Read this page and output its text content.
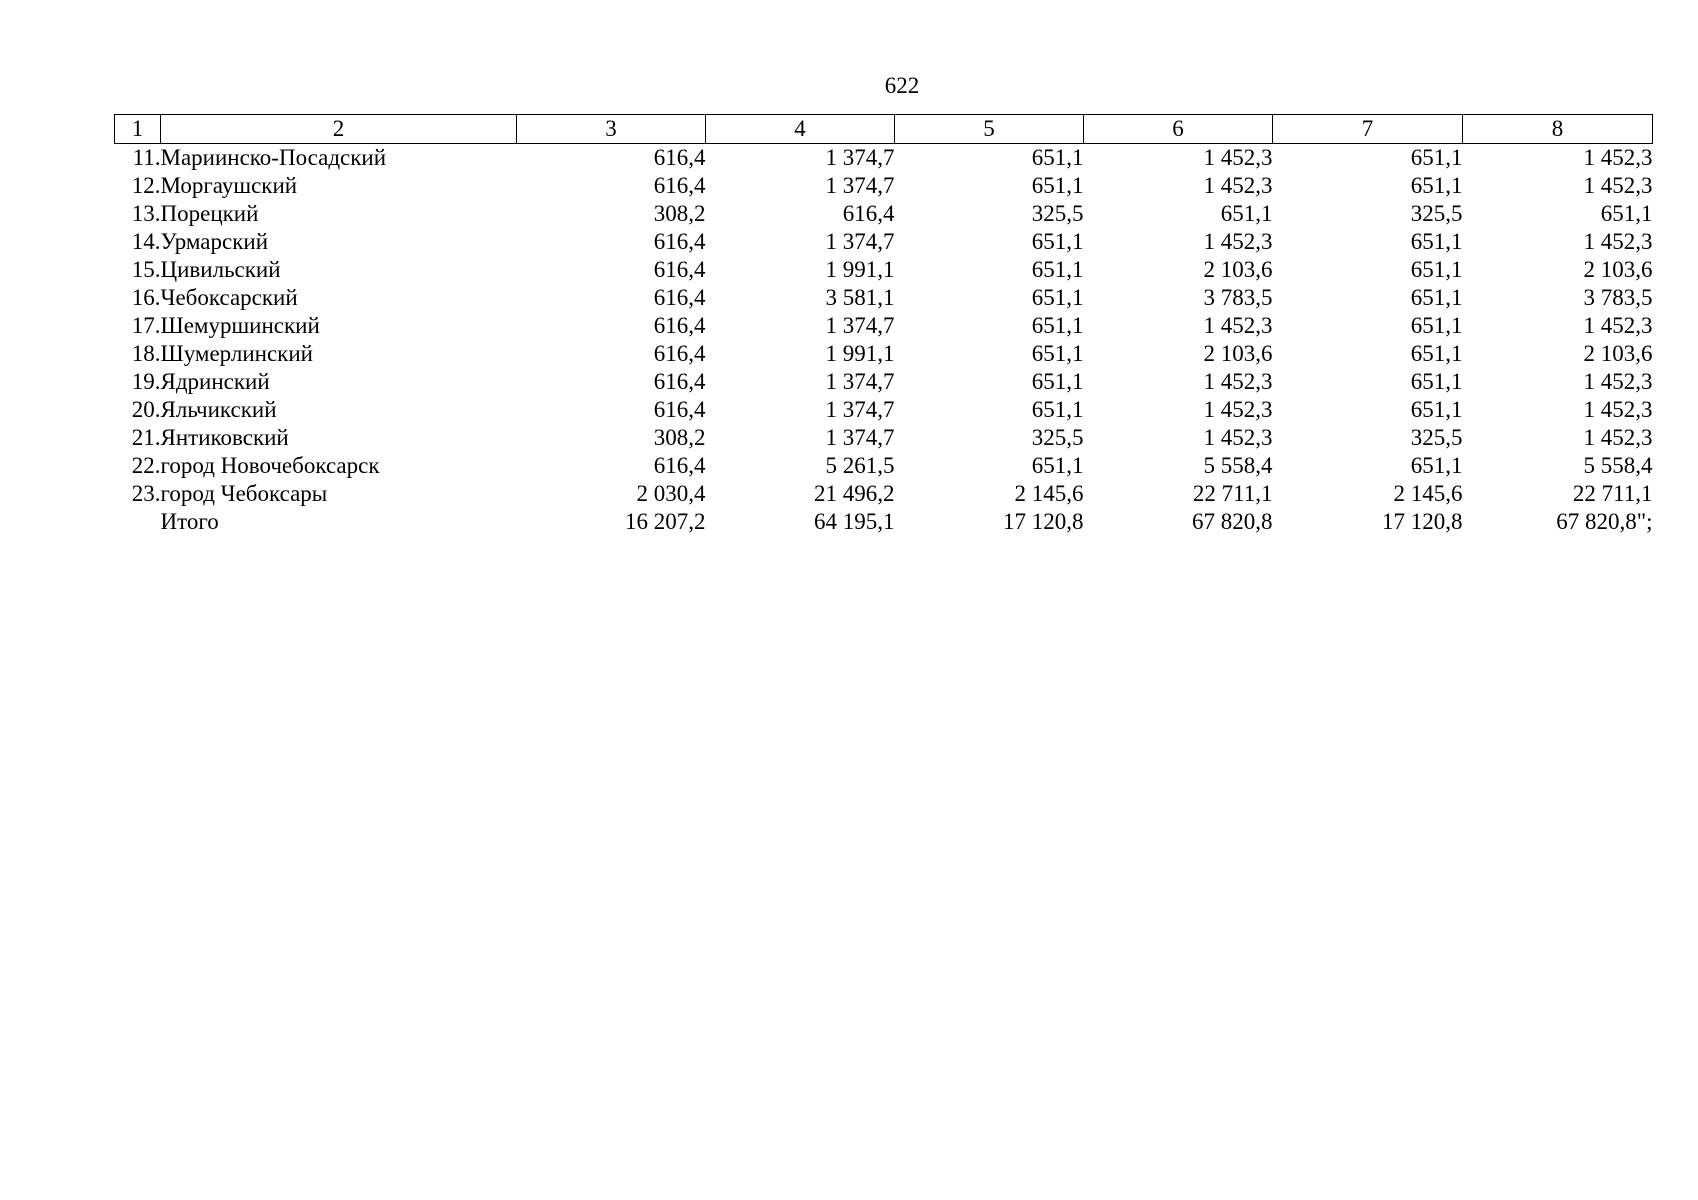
622
1	2	3	4	5	6	7	8
11.	Мариинско-Посадский	616,4	1 374,7	651,1	1 452,3	651,1	1 452,3
12.	Моргаушский	616,4	1 374,7	651,1	1 452,3	651,1	1 452,3
13.	Порецкий	308,2	616,4	325,5	651,1	325,5	651,1
14.	Урмарский	616,4	1 374,7	651,1	1 452,3	651,1	1 452,3
15.	Цивильский	616,4	1 991,1	651,1	2 103,6	651,1	2 103,6
16.	Чебоксарский	616,4	3 581,1	651,1	3 783,5	651,1	3 783,5
17.	Шемуршинский	616,4	1 374,7	651,1	1 452,3	651,1	1 452,3
18.	Шумерлинский	616,4	1 991,1	651,1	2 103,6	651,1	2 103,6
19.	Ядринский	616,4	1 374,7	651,1	1 452,3	651,1	1 452,3
20.	Яльчикский	616,4	1 374,7	651,1	1 452,3	651,1	1 452,3
21.	Янтиковский	308,2	1 374,7	325,5	1 452,3	325,5	1 452,3
22.	город Новочебоксарск	616,4	5 261,5	651,1	5 558,4	651,1	5 558,4
23.	город Чебоксары	2 030,4	21 496,2	2 145,6	22 711,1	2 145,6	22 711,1
	Итого	16 207,2	64 195,1	17 120,8	67 820,8	17 120,8	67 820,8";
